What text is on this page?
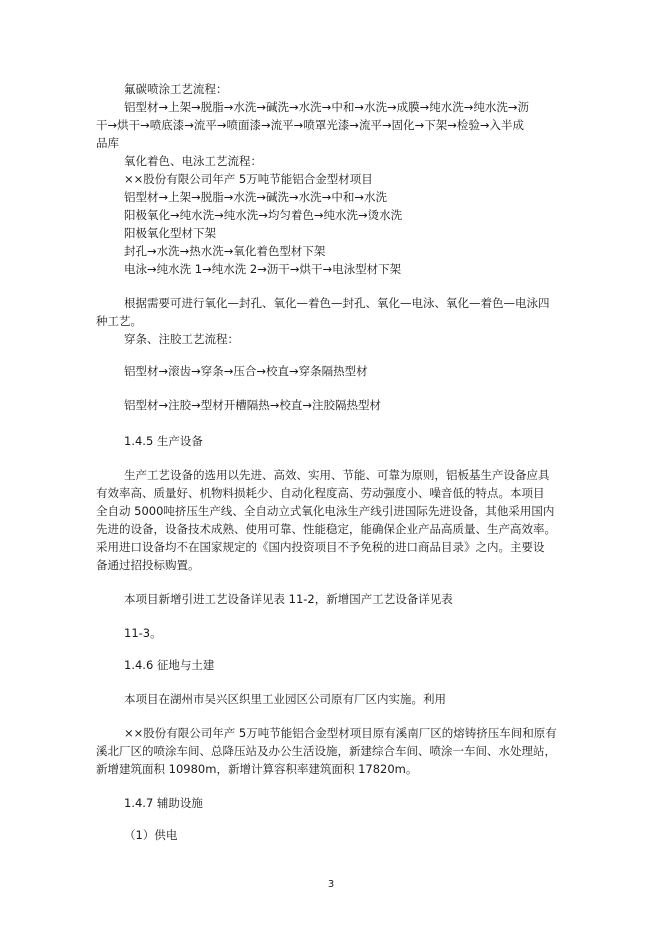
氟碳喷涂工艺流程：
铝型材→上架→脱脂→水洗→碱洗→水洗→中和→水洗→成膜→纯水洗→纯水洗→沥
干→烘干→喷底漆→流平→喷面漆→流平→喷罩光漆→流平→固化→下架→检验→入半成
品库
氧化着色、电泳工艺流程：
××股份有限公司年产 5万吨节能铝合金型材项目
铝型材→上架→脱脂→水洗→碱洗→水洗→中和→水洗
阳极氧化→纯水洗→纯水洗→均匀着色→纯水洗→烫水洗
阳极氧化型材下架
封孔→水洗→热水洗→氧化着色型材下架
电泳→纯水洗 1→纯水洗 2→沥干→烘干→电泳型材下架
根据需要可进行氧化—封孔、氧化—着色—封孔、氧化—电泳、氧化—着色—电泳四
种工艺。
穿条、注胶工艺流程：
铝型材→滚齿→穿条→压合→校直→穿条隔热型材
铝型材→注胶→型材开槽隔热→校直→注胶隔热型材
1.4.5 生产设备
生产工艺设备的选用以先进、高效、实用、节能、可靠为原则，铝板基生产设备应具
有效率高、质量好、机物料损耗少、自动化程度高、劳动强度小、噪音低的特点。本项目
全自动 5000吨挤压生产线、全自动立式氧化电泳生产线引进国际先进设备，其他采用国内
先进的设备，设备技术成熟、使用可靠、性能稳定，能确保企业产品高质量、生产高效率。
采用进口设备均不在国家规定的《国内投资项目不予免税的进口商品目录》之内。主要设
备通过招投标购置。
本项目新增引进工艺设备详见表 11-2，新增国产工艺设备详见表
11-3。
1.4.6 征地与土建
本项目在湖州市吴兴区织里工业园区公司原有厂区内实施。利用
××股份有限公司年产 5万吨节能铝合金型材项目原有溪南厂区的熔铸挤压车间和原有
溪北厂区的喷涂车间、总降压站及办公生活设施，新建综合车间、喷涂一车间、水处理站，
新增建筑面积 10980m，新增计算容积率建筑面积 17820m。
1.4.7 辅助设施
（1）供电
3
